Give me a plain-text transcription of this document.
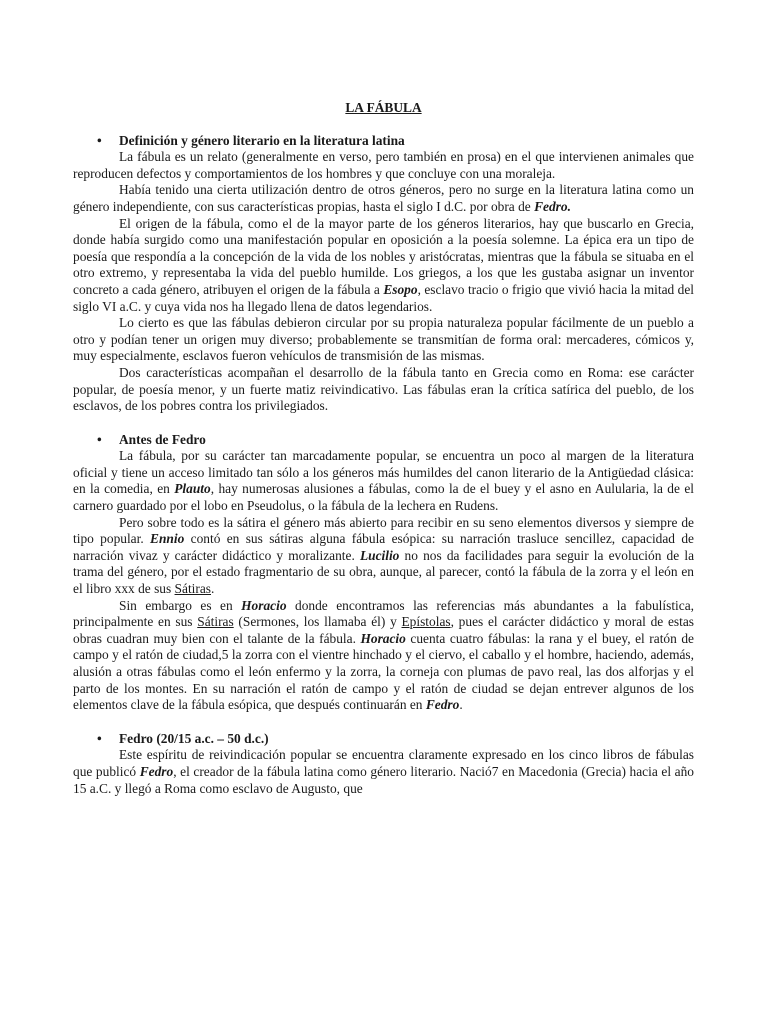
LA FÁBULA

• Definición y género literario en la literatura latina

La fábula es un relato (generalmente en verso, pero también en prosa) en el que intervienen animales que reproducen defectos y comportamientos de los hombres y que concluye con una moraleja.

Había tenido una cierta utilización dentro de otros géneros, pero no surge en la literatura latina como un género independiente, con sus características propias, hasta el siglo I d.C. por obra de Fedro.

El origen de la fábula, como el de la mayor parte de los géneros literarios, hay que buscarlo en Grecia, donde había surgido como una manifestación popular en oposición a la poesía solemne. La épica era un tipo de poesía que respondía a la concepción de la vida de los nobles y aristócratas, mientras que la fábula se situaba en el otro extremo, y representaba la vida del pueblo humilde. Los griegos, a los que les gustaba asignar un inventor concreto a cada género, atribuyen el origen de la fábula a Esopo, esclavo tracio o frigio que vivió hacia la mitad del siglo VI a.C. y cuya vida nos ha llegado llena de datos legendarios.

Lo cierto es que las fábulas debieron circular por su propia naturaleza popular fácilmente de un pueblo a otro y podían tener un origen muy diverso; probablemente se transmitían de forma oral: mercaderes, cómicos y, muy especialmente, esclavos fueron vehículos de transmisión de las mismas.

Dos características acompañan el desarrollo de la fábula tanto en Grecia como en Roma: ese carácter popular, de poesía menor, y un fuerte matiz reivindicativo. Las fábulas eran la crítica satírica del pueblo, de los esclavos, de los pobres contra los privilegiados.

• Antes de Fedro

La fábula, por su carácter tan marcadamente popular, se encuentra un poco al margen de la literatura oficial y tiene un acceso limitado tan sólo a los géneros más humildes del canon literario de la Antigüedad clásica: en la comedia, en Plauto, hay numerosas alusiones a fábulas, como la de el buey y el asno en Aulularia, la de el carnero guardado por el lobo en Pseudolus, o la fábula de la lechera en Rudens.

Pero sobre todo es la sátira el género más abierto para recibir en su seno elementos diversos y siempre de tipo popular. Ennio contó en sus sátiras alguna fábula esópica: su narración trasluce sencillez, capacidad de narración vivaz y carácter didáctico y moralizante. Lucilio no nos da facilidades para seguir la evolución de la trama del género, por el estado fragmentario de su obra, aunque, al parecer, contó la fábula de la zorra y el león en el libro xxx de sus Sátiras.

Sin embargo es en Horacio donde encontramos las referencias más abundantes a la fabulística, principalmente en sus Sátiras (Sermones, los llamaba él) y Epístolas, pues el carácter didáctico y moral de estas obras cuadran muy bien con el talante de la fábula. Horacio cuenta cuatro fábulas: la rana y el buey, el ratón de campo y el ratón de ciudad,5 la zorra con el vientre hinchado y el ciervo, el caballo y el hombre, haciendo, además, alusión a otras fábulas como el león enfermo y la zorra, la corneja con plumas de pavo real, las dos alforjas y el parto de los montes. En su narración el ratón de campo y el ratón de ciudad se dejan entrever algunos de los elementos clave de la fábula esópica, que después continuarán en Fedro.

• Fedro (20/15 a.c. – 50 d.c.)

Este espíritu de reivindicación popular se encuentra claramente expresado en los cinco libros de fábulas que publicó Fedro, el creador de la fábula latina como género literario. Nació7 en Macedonia (Grecia) hacia el año 15 a.C. y llegó a Roma como esclavo de Augusto, que
